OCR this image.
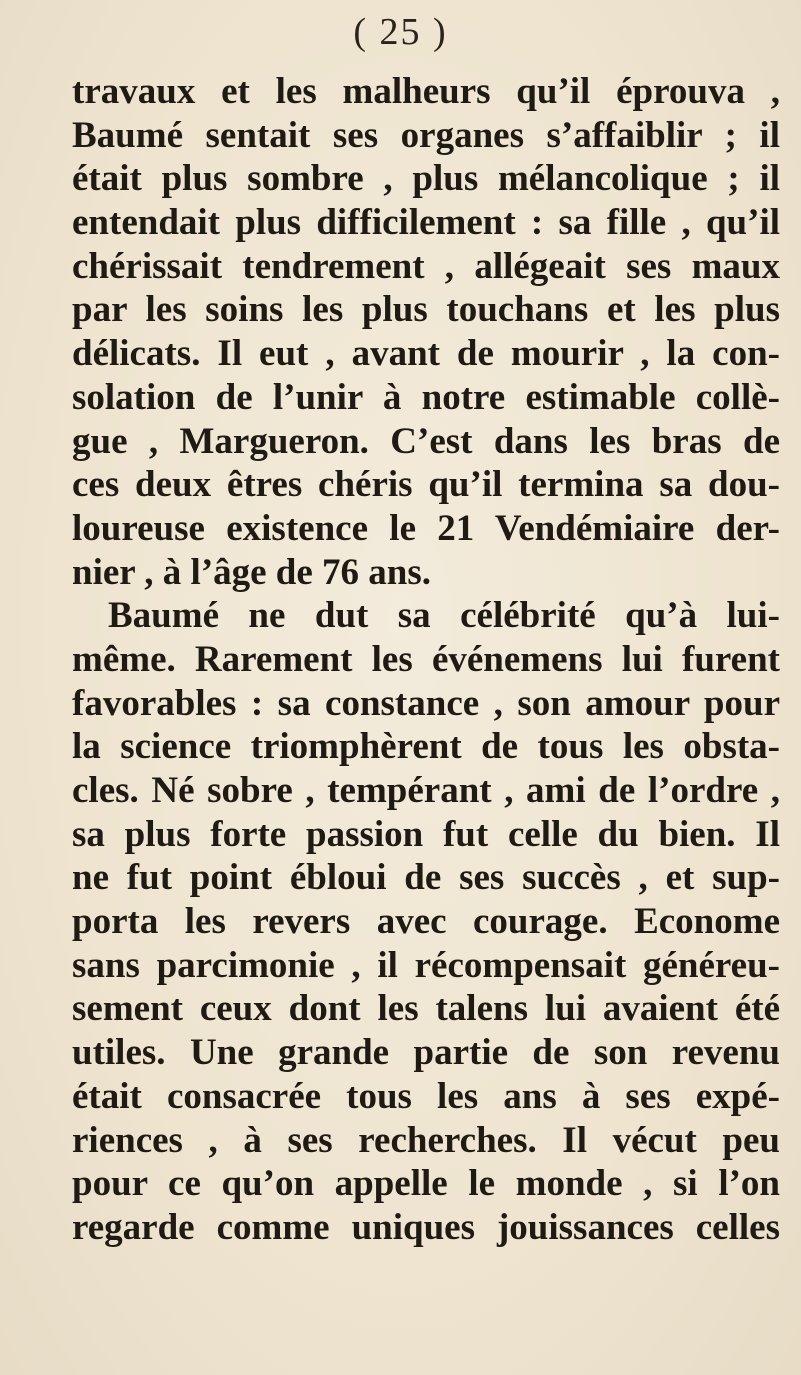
( 25 )
travaux et les malheurs qu’il éprouva ,
Baumé sentait ses organes s’affaiblir ; il
était plus sombre , plus mélancolique ; il
entendait plus difficilement : sa fille , qu’il
chérissait tendrement , allégeait ses maux
par les soins les plus touchans et les plus
délicats. Il eut , avant de mourir , la con-
solation de l’unir à notre estimable collè-
gue , Margueron. C’est dans les bras de
ces deux êtres chéris qu’il termina sa dou-
loureuse existence le 21 Vendémiaire der-
nier , à l’âge de 76 ans.
Baumé ne dut sa célébrité qu’à lui-
même. Rarement les événemens lui furent
favorables : sa constance , son amour pour
la science triomphèrent de tous les obsta-
cles. Né sobre , tempérant , ami de l’ordre ,
sa plus forte passion fut celle du bien. Il
ne fut point ébloui de ses succès , et sup-
porta les revers avec courage. Econome
sans parcimonie , il récompensait généreu-
sement ceux dont les talens lui avaient été
utiles. Une grande partie de son revenu
était consacrée tous les ans à ses expé-
riences , à ses recherches. Il vécut peu
pour ce qu’on appelle le monde , si l’on
regarde comme uniques jouissances celles
